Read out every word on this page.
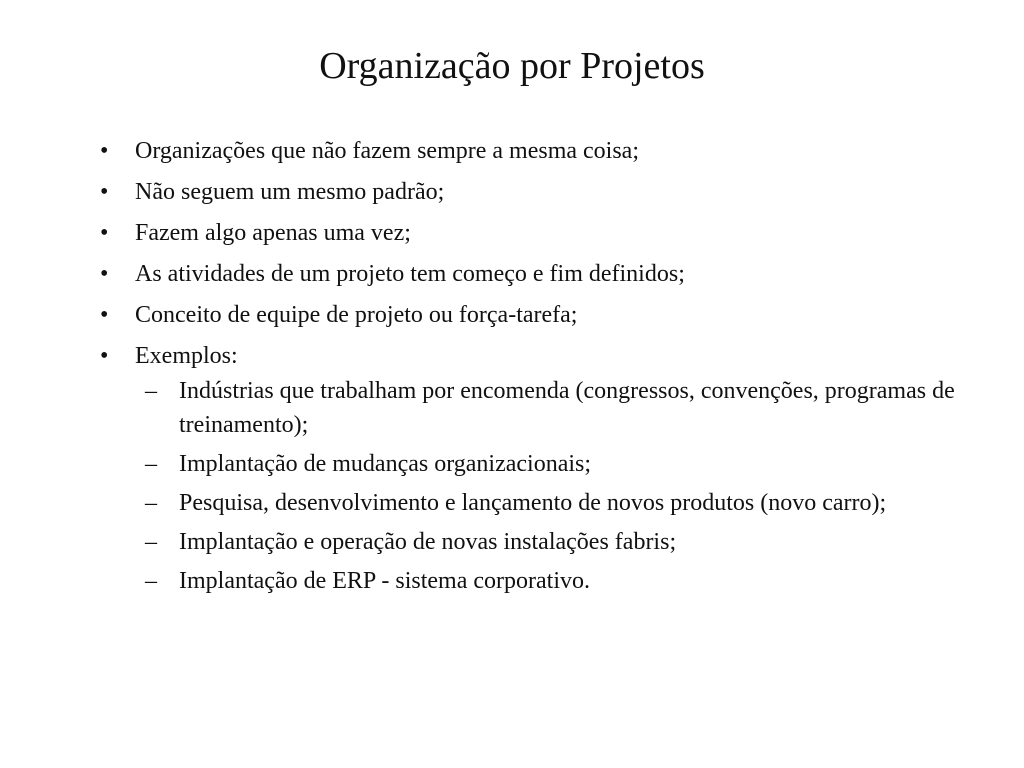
Organização por Projetos
• Organizações que não fazem sempre a mesma coisa;
• Não seguem um mesmo padrão;
• Fazem algo apenas uma vez;
• As atividades de um projeto tem começo e fim definidos;
• Conceito de equipe de projeto ou força-tarefa;
• Exemplos:
– Indústrias que trabalham por encomenda (congressos, convenções, programas de treinamento);
– Implantação de mudanças organizacionais;
– Pesquisa, desenvolvimento e lançamento de novos produtos (novo carro);
– Implantação e operação de novas instalações fabris;
– Implantação de ERP - sistema corporativo.
